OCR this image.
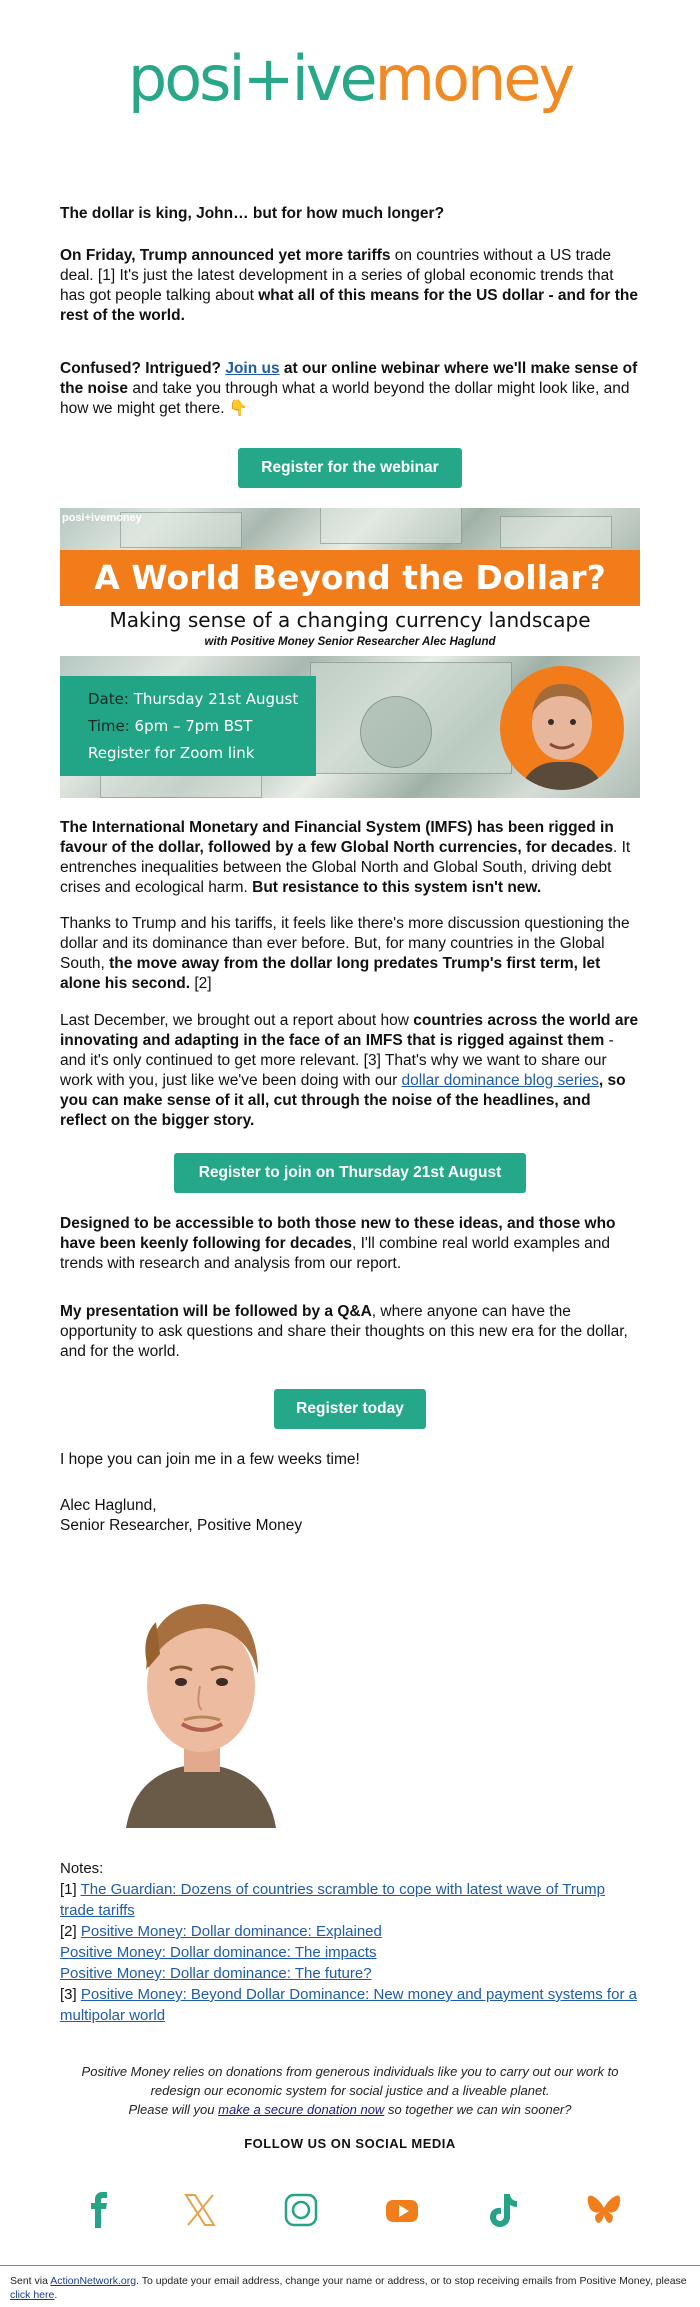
posi+ivemoney

The dollar is king, John… but for how much longer?

On Friday, Trump announced yet more tariffs on countries without a US trade deal. [1] It's just the latest development in a series of global economic trends that has got people talking about what all of this means for the US dollar - and for the rest of the world.

Confused? Intrigued? Join us at our online webinar where we'll make sense of the noise and take you through what a world beyond the dollar might look like, and how we might get there. 👇

Register for the webinar
posi+ivemoney
A World Beyond the Dollar?
Making sense of a changing currency landscape
with Positive Money Senior Researcher Alec Haglund
Date: Thursday 21st August
Time: 6pm – 7pm BST
Register for Zoom link

The International Monetary and Financial System (IMFS) has been rigged in favour of the dollar, followed by a few Global North currencies, for decades. It entrenches inequalities between the Global North and Global South, driving debt crises and ecological harm. But resistance to this system isn't new.

Thanks to Trump and his tariffs, it feels like there's more discussion questioning the dollar and its dominance than ever before. But, for many countries in the Global South, the move away from the dollar long predates Trump's first term, let alone his second. [2]

Last December, we brought out a report about how countries across the world are innovating and adapting in the face of an IMFS that is rigged against them - and it's only continued to get more relevant. [3] That's why we want to share our work with you, just like we've been doing with our dollar dominance blog series, so you can make sense of it all, cut through the noise of the headlines, and reflect on the bigger story.

Register to join on Thursday 21st August

Designed to be accessible to both those new to these ideas, and those who have been keenly following for decades, I'll combine real world examples and trends with research and analysis from our report.

My presentation will be followed by a Q&A, where anyone can have the opportunity to ask questions and share their thoughts on this new era for the dollar, and for the world.

Register today

I hope you can join me in a few weeks time!

Alec Haglund,

Senior Researcher, Positive Money

Notes:

[1] The Guardian: Dozens of countries scramble to cope with latest wave of Trump trade tariffs

[2] Positive Money: Dollar dominance: Explained

Positive Money: Dollar dominance: The impacts

Positive Money: Dollar dominance: The future?

[3] Positive Money: Beyond Dollar Dominance: New money and payment systems for a multipolar world

Positive Money relies on donations from generous individuals like you to carry out our work to redesign our economic system for social justice and a liveable planet.
Please will you make a secure donation now so together we can win sooner?
FOLLOW US ON SOCIAL MEDIA
Sent via ActionNetwork.org. To update your email address, change your name or address, or to stop receiving emails from Positive Money, please click here.
